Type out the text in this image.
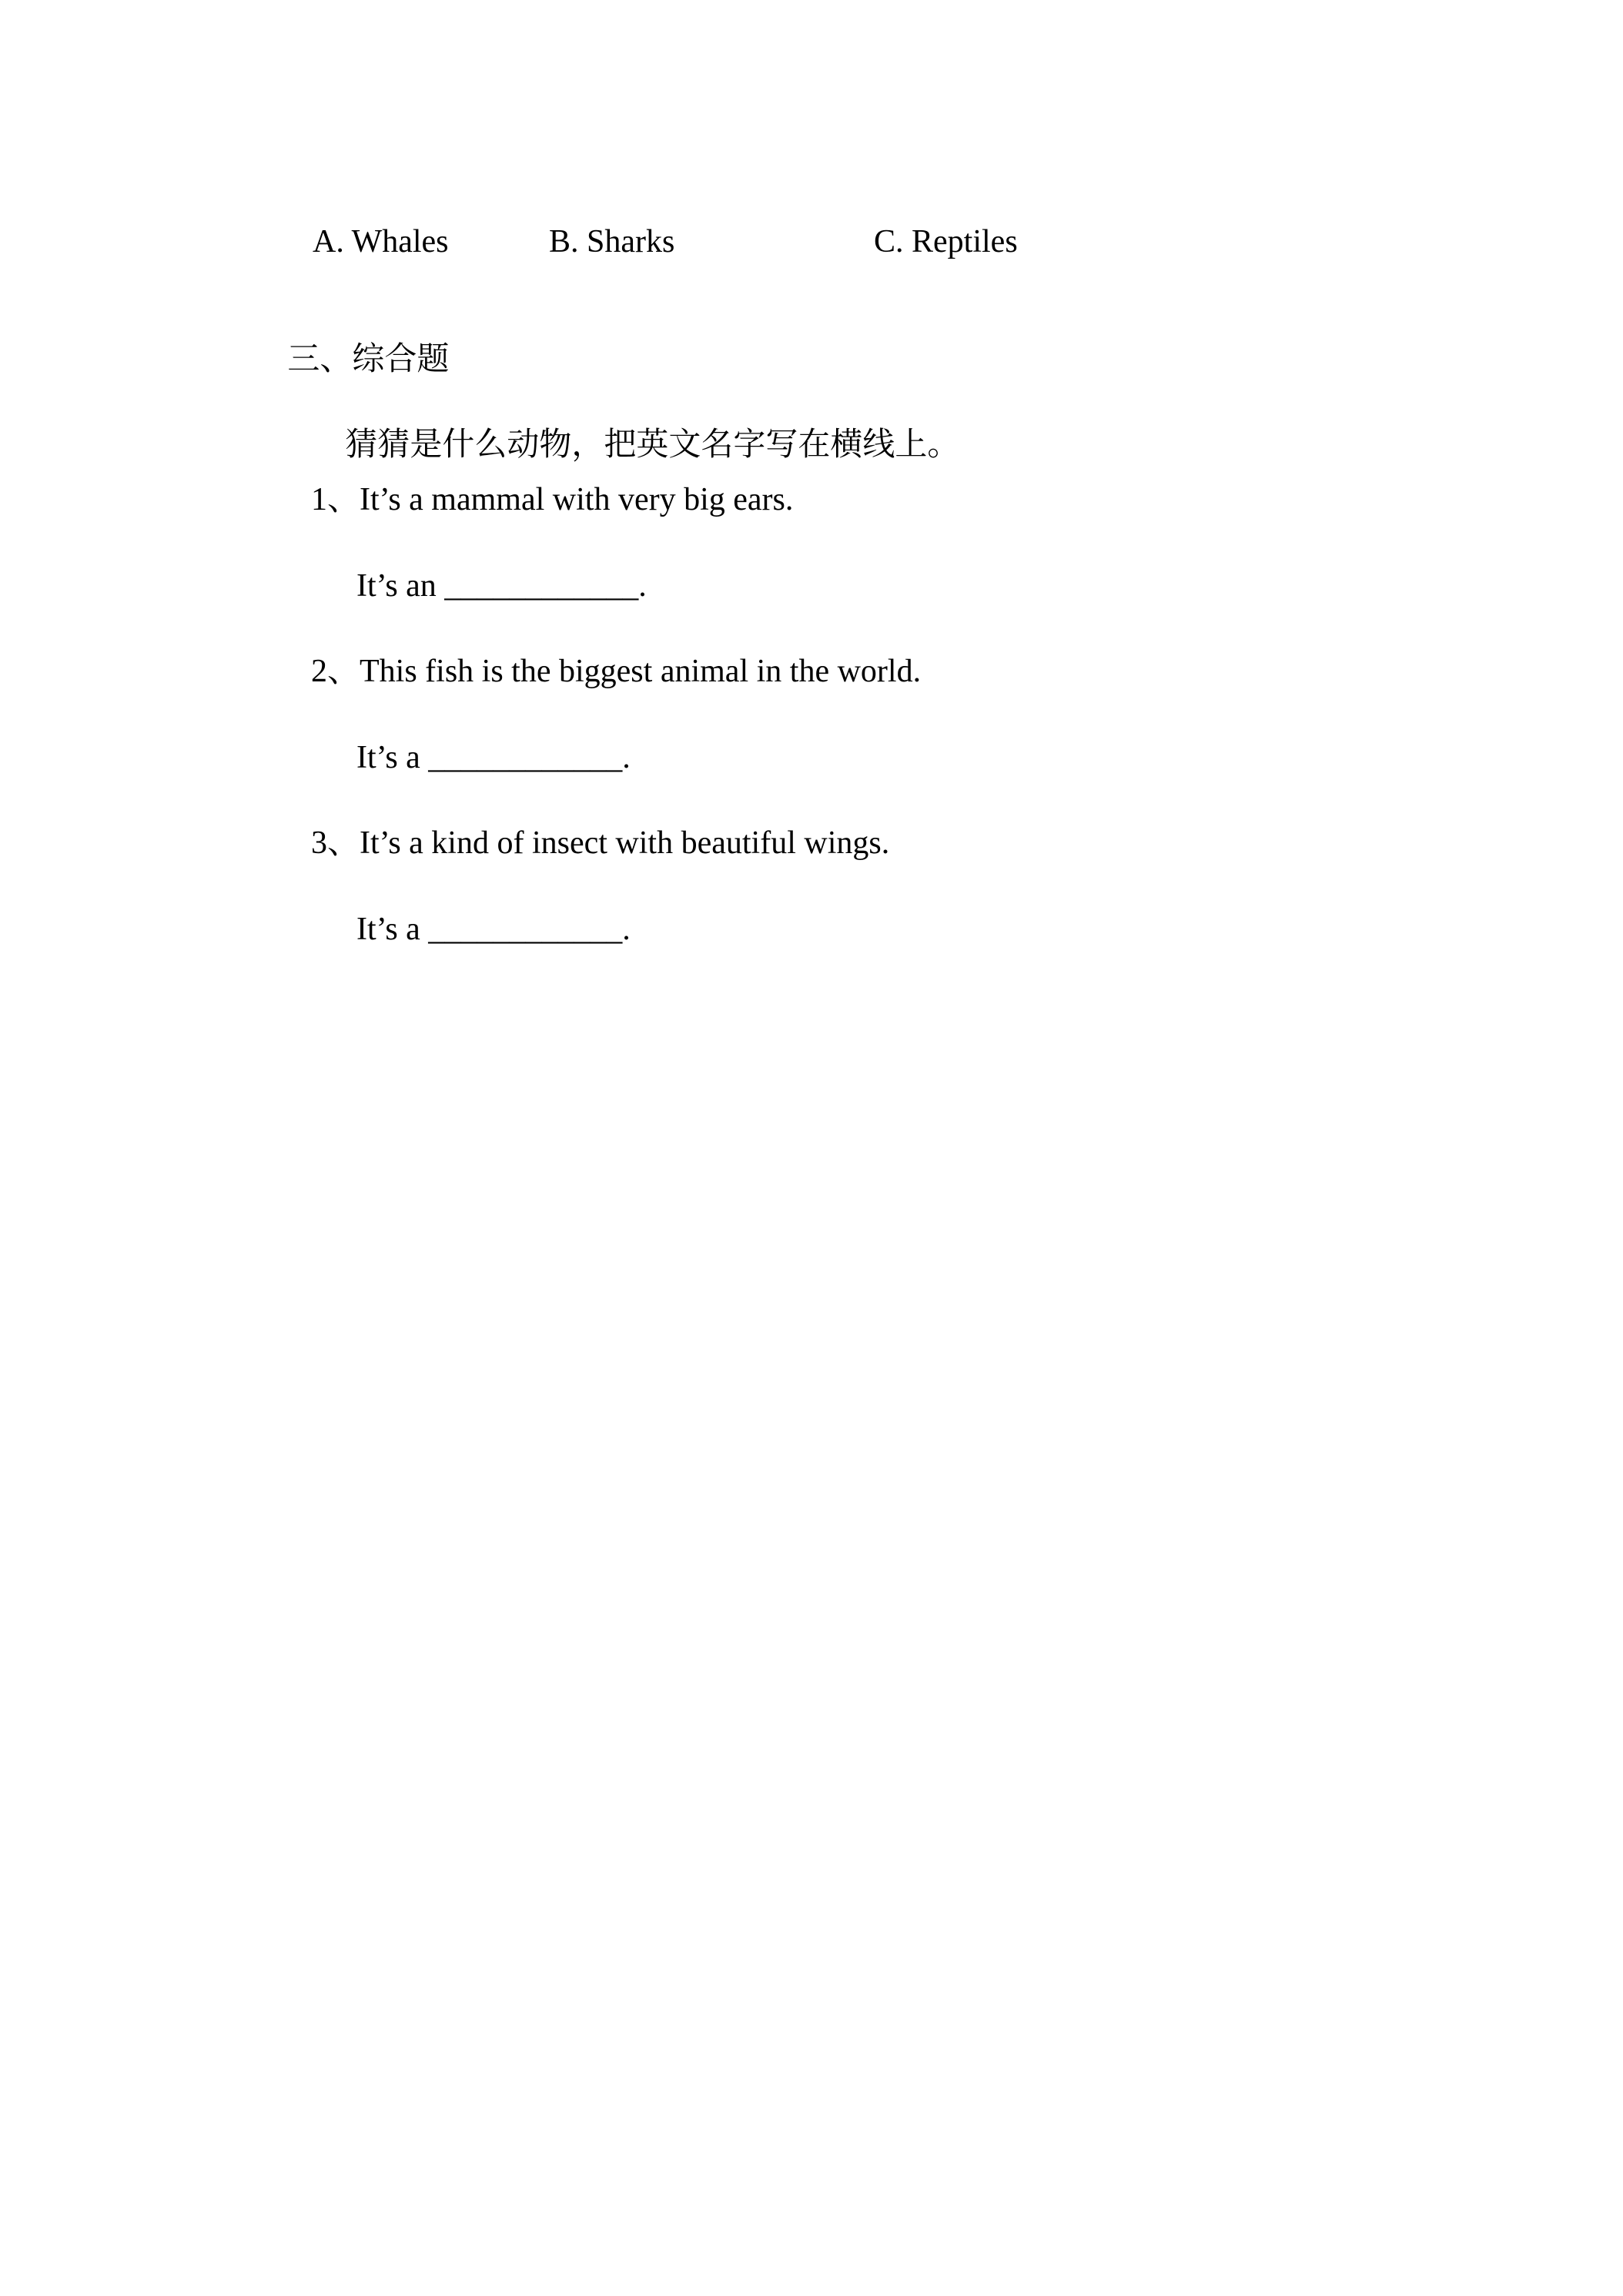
A. Whales	B. Sharks	C. Reptiles

三、综合题

猜猜是什么动物，把英文名字写在横线上。

1、It’s a mammal with very big ears.
It’s an ____________.
2、This fish is the biggest animal in the world.
It’s a ____________.
3、It’s a kind of insect with beautiful wings.
It’s a ____________.
